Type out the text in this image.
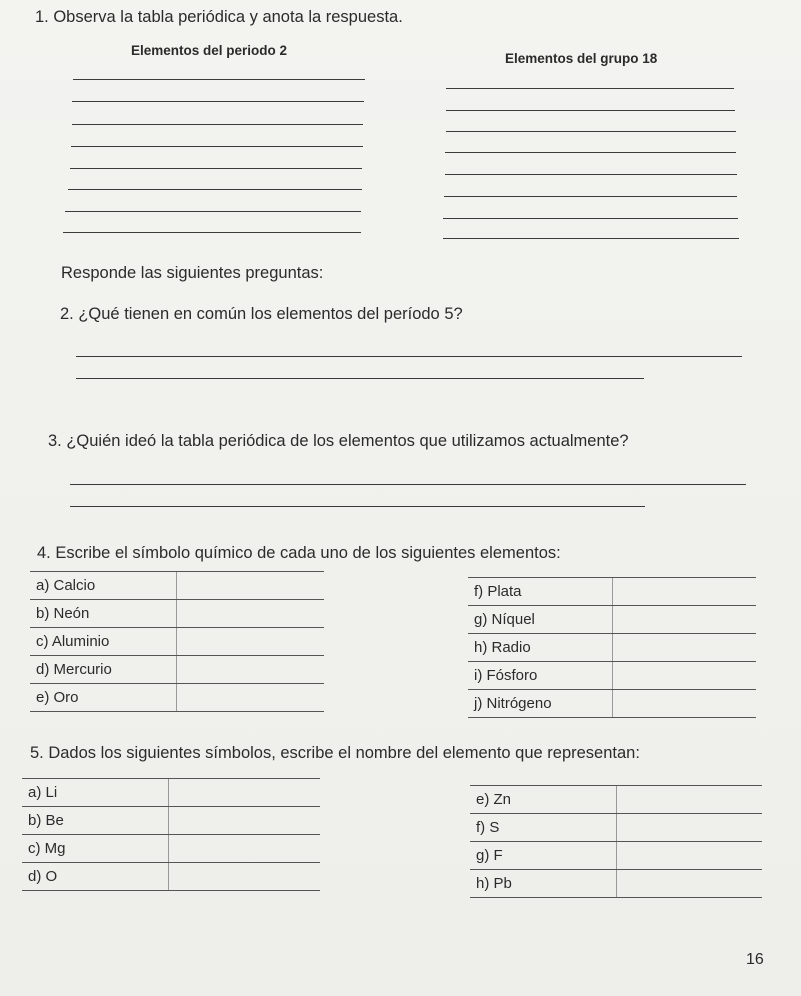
1. Observa la tabla periódica y anota la respuesta.
Elementos del periodo 2
Elementos del grupo 18
Responde las siguientes preguntas:
2. ¿Qué tienen en común los elementos del período 5?
3. ¿Quién ideó la tabla periódica de los elementos que utilizamos actualmente?
4. Escribe el símbolo químico de cada uno de los siguientes elementos:
a) Calcio	
b) Neón	
c) Aluminio	
d) Mercurio	
e) Oro	
f) Plata	
g) Níquel	
h) Radio	
i) Fósforo	
j) Nitrógeno	
5. Dados los siguientes símbolos, escribe el nombre del elemento que representan:
a) Li	
b) Be	
c) Mg	
d) O	
e) Zn	
f) S	
g) F	
h) Pb	
16
